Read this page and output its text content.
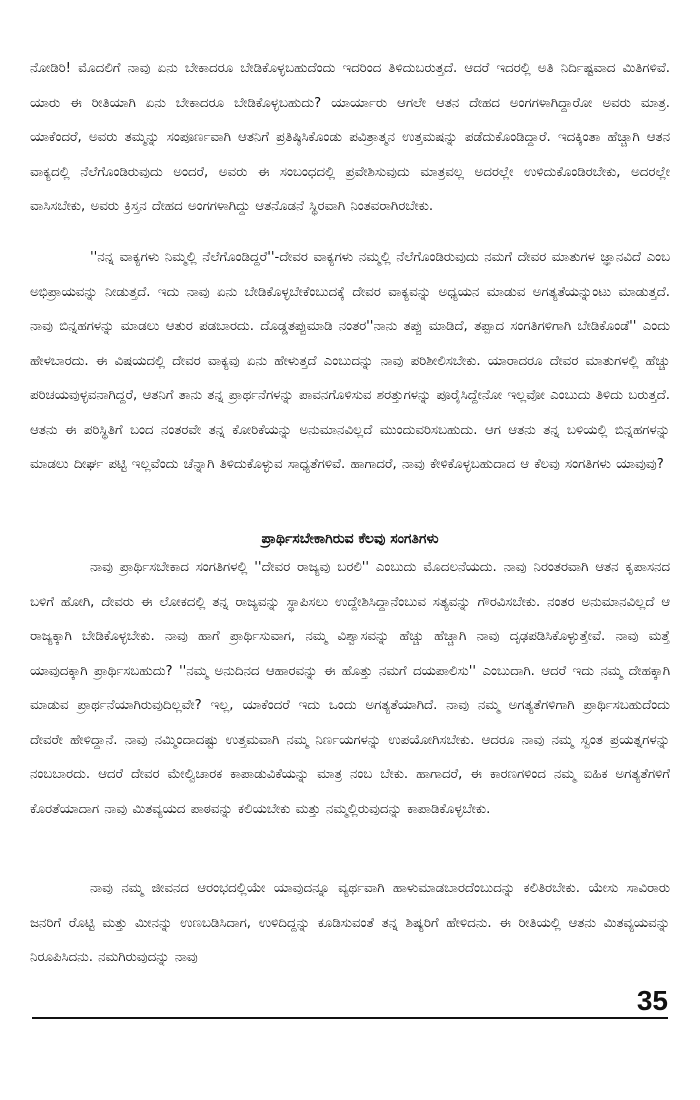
ನೋಡಿರಿ! ಮೊದಲಿಗೆ ನಾವು ಏನು ಬೇಕಾದರೂ ಬೇಡಿಕೊಳ್ಳಬಹುದೆಂದು ಇದರಿಂದ ತಿಳಿದುಬರುತ್ತದೆ. ಆದರೆ ಇದರಲ್ಲಿ ಅತಿ ನಿರ್ದಿಷ್ಟವಾದ ಮಿತಿಗಳಿವೆ. ಯಾರು ಈ ರೀತಿಯಾಗಿ ಏನು ಬೇಕಾದರೂ ಬೇಡಿಕೊಳ್ಳಬಹುದು? ಯಾರ್ಯಾರು ಆಗಲೇ ಆತನ ದೇಹದ ಅಂಗಗಳಾಗಿದ್ದಾರೋ ಅವರು ಮಾತ್ರ. ಯಾಕೆಂದರೆ, ಅವರು ತಮ್ಮನ್ನು ಸಂಪೂರ್ಣವಾಗಿ ಆತನಿಗೆ ಪ್ರತಿಷ್ಠಿಸಿಕೊಂಡು ಪವಿತ್ರಾತ್ಮನ ಉತ್ತಮಷನ್ನು ಪಡೆದುಕೊಂಡಿದ್ದಾರೆ. ಇದಕ್ಕಿಂತಾ ಹೆಚ್ಚಾಗಿ ಆತನ ವಾಕ್ಯದಲ್ಲಿ ನೆಲೆಗೊಂಡಿರುವುದು ಅಂದರೆ, ಅವರು ಈ ಸಂಬಂಧದಲ್ಲಿ ಪ್ರವೇಶಿಸುವುದು ಮಾತ್ರವಲ್ಲ ಅದರಲ್ಲೇ ಉಳಿದುಕೊಂಡಿರಬೇಕು, ಅದರಲ್ಲೇ ವಾಸಿಸಬೇಕು, ಅವರು ಕ್ರಿಸ್ತನ ದೇಹದ ಅಂಗಗಳಾಗಿದ್ದು ಆತನೊಡನೆ ಸ್ಥಿರವಾಗಿ ನಿಂತವರಾಗಿರಬೇಕು.

''ನನ್ನ ವಾಕ್ಯಗಳು ನಿಮ್ಮಲ್ಲಿ ನೆಲೆಗೊಂಡಿದ್ದರೆ''-ದೇವರ ವಾಕ್ಯಗಳು ನಮ್ಮಲ್ಲಿ ನೆಲೆಗೊಂಡಿರುವುದು ನಮಗೆ ದೇವರ ಮಾತುಗಳ ಜ್ಞಾನವಿದೆ ಎಂಬ ಅಭಿಪ್ರಾಯವನ್ನು ನೀಡುತ್ತದೆ. ಇದು ನಾವು ಏನು ಬೇಡಿಕೊಳ್ಳಬೇಕೆಂಬುದಕ್ಕೆ ದೇವರ ವಾಕ್ಯವನ್ನು ಅಧ್ಯಯನ ಮಾಡುವ ಅಗತ್ಯತೆಯನ್ನುಂಟು ಮಾಡುತ್ತದೆ. ನಾವು ಬಿನ್ನಹಗಳನ್ನು ಮಾಡಲು ಆತುರ ಪಡಬಾರದು. ದೊಡ್ಡತಪ್ಪುಮಾಡಿ ನಂತರ''ನಾನು ತಪ್ಪು ಮಾಡಿದೆ, ತಪ್ಪಾದ ಸಂಗತಿಗಳಿಗಾಗಿ ಬೇಡಿಕೊಂಡೆ'' ಎಂದು ಹೇಳಬಾರದು. ಈ ವಿಷಯದಲ್ಲಿ ದೇವರ ವಾಕ್ಯವು ಏನು ಹೇಳುತ್ತದೆ ಎಂಬುದನ್ನು ನಾವು ಪರಿಶೀಲಿಸಬೇಕು. ಯಾರಾದರೂ ದೇವರ ಮಾತುಗಳಲ್ಲಿ ಹೆಚ್ಚು ಪರಿಚಯವುಳ್ಳವನಾಗಿದ್ದರೆ, ಆತನಿಗೆ ತಾನು ತನ್ನ ಪ್ರಾರ್ಥನೆಗಳನ್ನು ಪಾವನಗೊಳಿಸುವ ಶರತ್ತುಗಳನ್ನು ಪೂರೈಸಿದ್ದೇನೋ ಇಲ್ಲವೋ ಎಂಬುದು ತಿಳಿದು ಬರುತ್ತದೆ. ಆತನು ಈ ಪರಿಸ್ಥಿತಿಗೆ ಬಂದ ನಂತರವೇ ತನ್ನ ಕೋರಿಕೆಯನ್ನು ಅನುಮಾನವಿಲ್ಲದೆ ಮುಂದುವರಿಸಬಹುದು. ಆಗ ಆತನು ತನ್ನ ಬಳಿಯಲ್ಲಿ ಬಿನ್ನಹಗಳನ್ನು ಮಾಡಲು ದೀರ್ಘ ಪಟ್ಟಿ ಇಲ್ಲವೆಂದು ಚೆನ್ನಾಗಿ ತಿಳಿದುಕೊಳ್ಳುವ ಸಾಧ್ಯತೆಗಳಿವೆ. ಹಾಗಾದರೆ, ನಾವು ಕೇಳಿಕೊಳ್ಳಬಹುದಾದ ಆ ಕೆಲವು ಸಂಗತಿಗಳು ಯಾವುವು?

ಪ್ರಾರ್ಥಿಸಬೇಕಾಗಿರುವ ಕೆಲವು ಸಂಗತಿಗಳು

ನಾವು ಪ್ರಾರ್ಥಿಸಬೇಕಾದ ಸಂಗತಿಗಳಲ್ಲಿ ''ದೇವರ ರಾಜ್ಯವು ಬರಲಿ'' ಎಂಬುದು ಮೊದಲನೆಯದು. ನಾವು ನಿರಂತರವಾಗಿ ಆತನ ಕೃಪಾಸನದ ಬಳಿಗೆ ಹೋಗಿ, ದೇವರು ಈ ಲೋಕದಲ್ಲಿ ತನ್ನ ರಾಜ್ಯವನ್ನು ಸ್ಥಾಪಿಸಲು ಉದ್ದೇಶಿಸಿದ್ದಾನೆಂಬುವ ಸತ್ಯವನ್ನು ಗೌರವಿಸಬೇಕು. ನಂತರ ಅನುಮಾನವಿಲ್ಲದೆ ಆ ರಾಜ್ಯಕ್ಕಾಗಿ ಬೇಡಿಕೊಳ್ಳಬೇಕು. ನಾವು ಹಾಗೆ ಪ್ರಾರ್ಥಿಸುವಾಗ, ನಮ್ಮ ವಿಶ್ವಾಸವನ್ನು ಹೆಚ್ಚು ಹೆಚ್ಚಾಗಿ ನಾವು ದೃಢಪಡಿಸಿಕೊಳ್ಳುತ್ತೇವೆ. ನಾವು ಮತ್ತೆ ಯಾವುದಕ್ಕಾಗಿ ಪ್ರಾರ್ಥಿಸಬಹುದು? ''ನಮ್ಮ ಅನುದಿನದ ಆಹಾರವನ್ನು ಈ ಹೊತ್ತು ನಮಗೆ ದಯಪಾಲಿಸು'' ಎಂಬುದಾಗಿ. ಆದರೆ ಇದು ನಮ್ಮ ದೇಹಕ್ಕಾಗಿ ಮಾಡುವ ಪ್ರಾರ್ಥನೆಯಾಗಿರುವುದಿಲ್ಲವೇ? ಇಲ್ಲ, ಯಾಕೆಂದರೆ ಇದು ಒಂದು ಅಗತ್ಯತೆಯಾಗಿದೆ. ನಾವು ನಮ್ಮ ಅಗತ್ಯತೆಗಳಿಗಾಗಿ ಪ್ರಾರ್ಥಿಸಬಹುದೆಂದು ದೇವರೇ ಹೇಳಿದ್ದಾನೆ. ನಾವು ನಮ್ಮಿಂದಾದಷ್ಟು ಉತ್ತಮವಾಗಿ ನಮ್ಮ ನಿರ್ಣಯಗಳನ್ನು ಉಪಯೋಗಿಸಬೇಕು. ಆದರೂ ನಾವು ನಮ್ಮ ಸ್ವಂತ ಪ್ರಯತ್ನಗಳನ್ನು ನಂಬಬಾರದು. ಆದರೆ ದೇವರ ಮೇಲ್ವಿಚಾರಕ ಕಾಪಾಡುವಿಕೆಯನ್ನು ಮಾತ್ರ ನಂಬ ಬೇಕು. ಹಾಗಾದರೆ, ಈ ಕಾರಣಗಳಿಂದ ನಮ್ಮ ಐಹಿಕ ಅಗತ್ಯತೆಗಳಿಗೆ ಕೊರತೆಯಾದಾಗ ನಾವು ಮಿತವ್ಯಯದ ಪಾಠವನ್ನು ಕಲಿಯಬೇಕು ಮತ್ತು ನಮ್ಮಲ್ಲಿರುವುದನ್ನು ಕಾಪಾಡಿಕೊಳ್ಳಬೇಕು.

ನಾವು ನಮ್ಮ ಜೀವನದ ಆರಂಭದಲ್ಲಿಯೇ ಯಾವುದನ್ನೂ ವ್ಯರ್ಥವಾಗಿ ಹಾಳುಮಾಡಬಾರದೆಂಬುದನ್ನು ಕಲಿತಿರಬೇಕು. ಯೇಸು ಸಾವಿರಾರು ಜನರಿಗೆ ರೊಟ್ಟಿ ಮತ್ತು ಮೀನನ್ನು ಉಣಬಡಿಸಿದಾಗ, ಉಳಿದಿದ್ದನ್ನು ಕೂಡಿಸುವಂತೆ ತನ್ನ ಶಿಷ್ಯರಿಗೆ ಹೇಳಿದನು. ಈ ರೀತಿಯಲ್ಲಿ ಆತನು ಮಿತವ್ಯಯವನ್ನು ನಿರೂಪಿಸಿದನು. ನಮಗಿರುವುದನ್ನು ನಾವು

35
